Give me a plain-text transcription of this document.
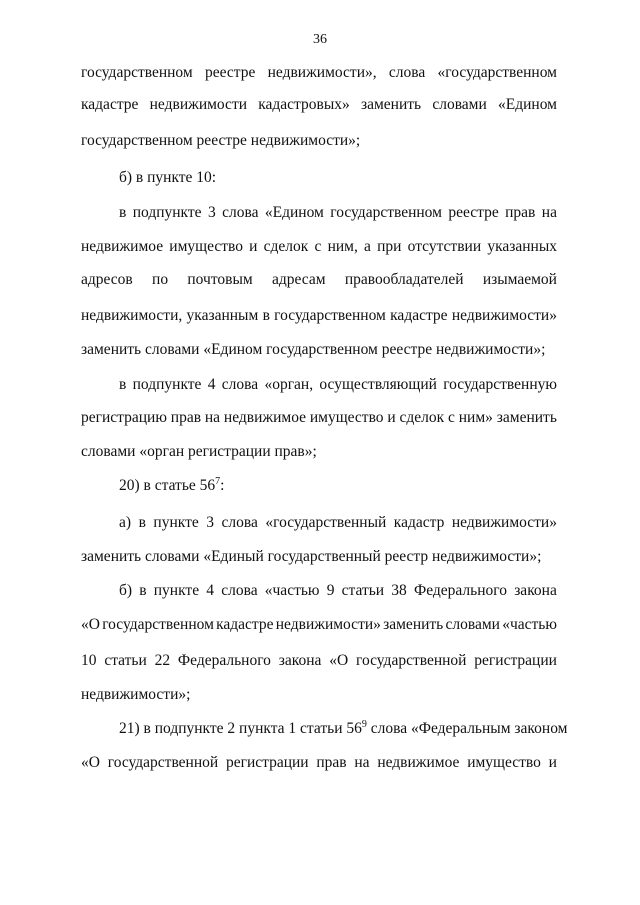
36
государственном реестре недвижимости», слова «государственном
кадастре недвижимости кадастровых» заменить словами «Едином
государственном реестре недвижимости»;
б) в пункте 10:
в подпункте 3 слова «Едином государственном реестре прав на
недвижимое имущество и сделок с ним, а при отсутствии указанных
адресов по почтовым адресам правообладателей изымаемой
недвижимости, указанным в государственном кадастре недвижимости»
заменить словами «Едином государственном реестре недвижимости»;
в подпункте 4 слова «орган, осуществляющий государственную
регистрацию прав на недвижимое имущество и сделок с ним» заменить
словами «орган регистрации прав»;
20) в статье $56^7$:
а) в пункте 3 слова «государственный кадастр недвижимости»
заменить словами «Единый государственный реестр недвижимости»;
б) в пункте 4 слова «частью 9 статьи 38 Федерального закона
«О государственном кадастре недвижимости» заменить словами «частью
10 статьи 22 Федерального закона «О государственной регистрации
недвижимости»;
21) в подпункте 2 пункта 1 статьи $56^9$ слова «Федеральным законом
«О государственной регистрации прав на недвижимое имущество и
